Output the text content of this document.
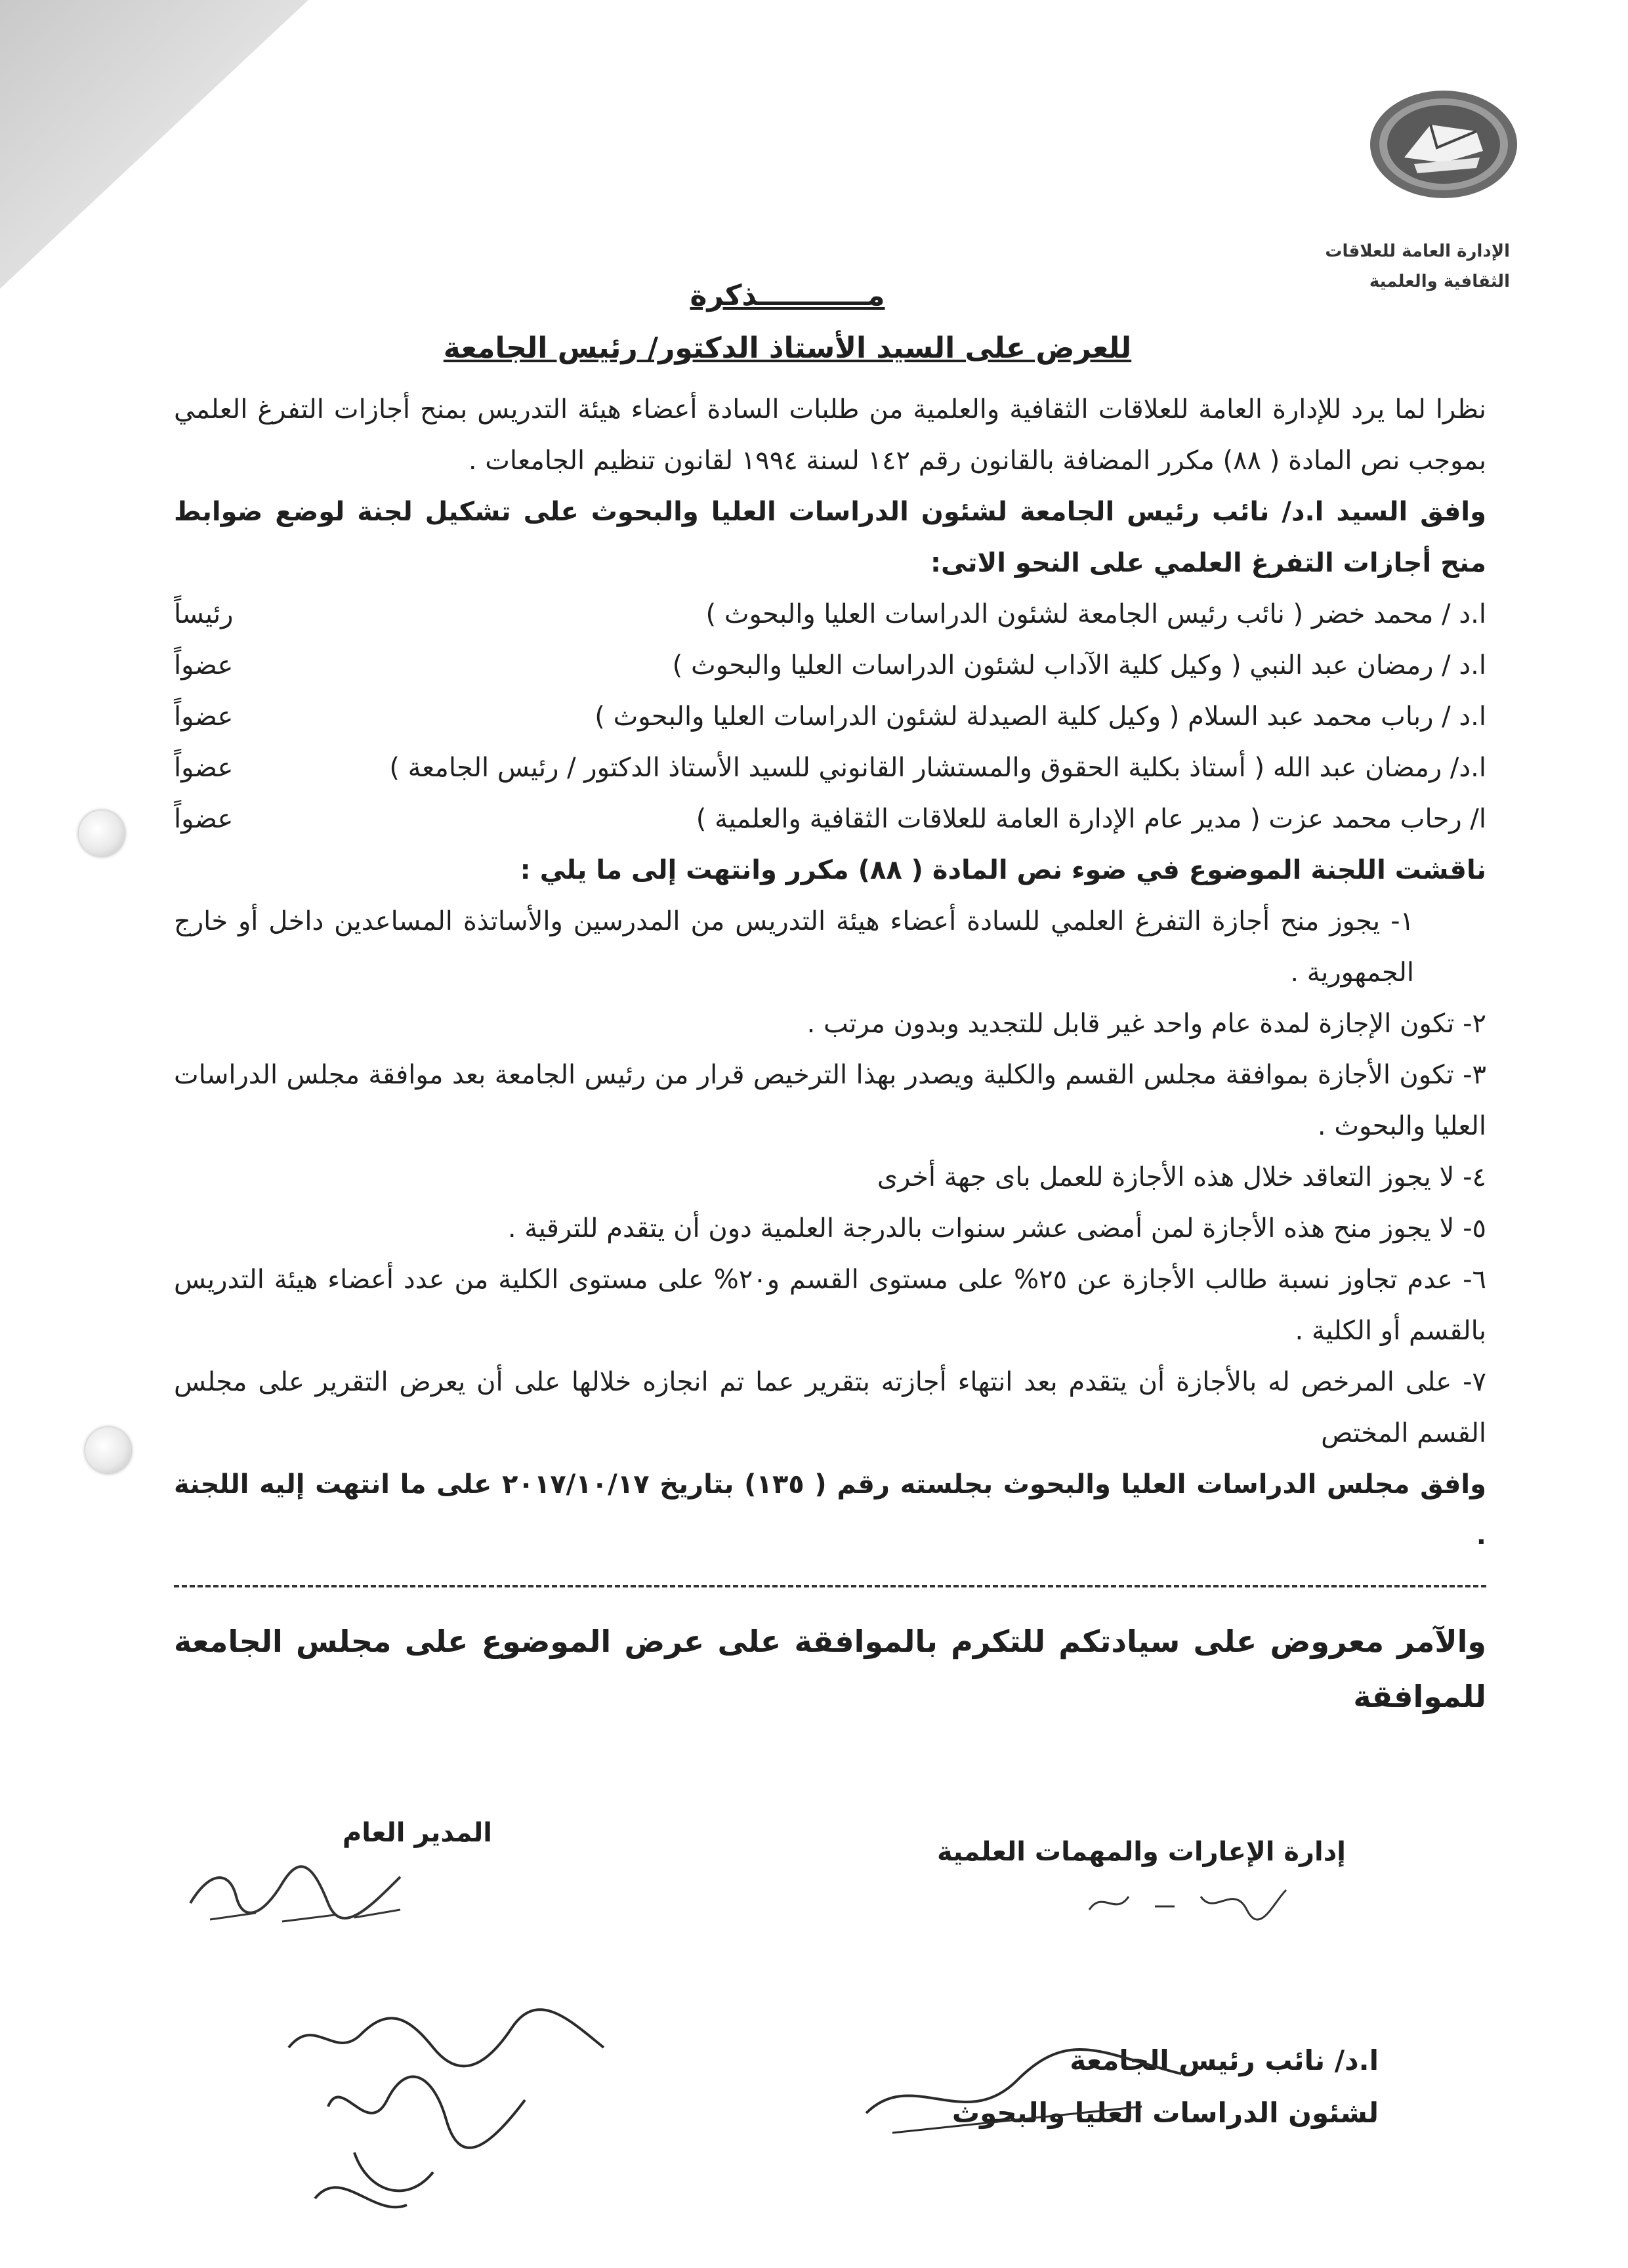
الإدارة العامة للعلاقات
الثقافية والعلمية
مـــــــــــذكرة
للعرض على السيد الأستاذ الدكتور/ رئيس الجامعة

نظرا لما يرد للإدارة العامة للعلاقات الثقافية والعلمية من طلبات السادة أعضاء هيئة التدريس بمنح أجازات التفرغ العلمي بموجب نص المادة ( ٨٨) مكرر المضافة بالقانون رقم ١٤٢ لسنة ١٩٩٤ لقانون تنظيم الجامعات .

وافق السيد ا.د/ نائب رئيس الجامعة لشئون الدراسات العليا والبحوث على تشكيل لجنة لوضع ضوابط منح أجازات التفرغ العلمي على النحو الاتى:

ا.د / محمد خضر ( نائب رئيس الجامعة لشئون الدراسات العليا والبحوث )
رئيساً
ا.د / رمضان عبد النبي ( وكيل كلية الآداب لشئون الدراسات العليا والبحوث )
عضواً
ا.د / رباب محمد عبد السلام ( وكيل كلية الصيدلة لشئون الدراسات العليا والبحوث )
عضواً
ا.د/ رمضان عبد الله ( أستاذ بكلية الحقوق والمستشار القانوني للسيد الأستاذ الدكتور / رئيس الجامعة )
عضواً
ا/ رحاب محمد عزت ( مدير عام الإدارة العامة للعلاقات الثقافية والعلمية )
عضواً

ناقشت اللجنة الموضوع في ضوء نص المادة ( ٨٨) مكرر وانتهت إلى ما يلي :

١- يجوز منح أجازة التفرغ العلمي للسادة أعضاء هيئة التدريس من المدرسين والأساتذة المساعدين داخل أو خارج الجمهورية .

٢- تكون الإجازة لمدة عام واحد غير قابل للتجديد وبدون مرتب .

٣- تكون الأجازة بموافقة مجلس القسم والكلية ويصدر بهذا الترخيص قرار من رئيس الجامعة بعد موافقة مجلس الدراسات العليا والبحوث .

٤- لا يجوز التعاقد خلال هذه الأجازة للعمل باى جهة أخرى

٥- لا يجوز منح هذه الأجازة لمن أمضى عشر سنوات بالدرجة العلمية دون أن يتقدم للترقية .

٦- عدم تجاوز نسبة طالب الأجازة عن ٢٥% على مستوى القسم و٢٠% على مستوى الكلية من عدد أعضاء هيئة التدريس بالقسم أو الكلية .

٧- على المرخص له بالأجازة أن يتقدم بعد انتهاء أجازته بتقرير عما تم انجازه خلالها على أن يعرض التقرير على مجلس القسم المختص

وافق مجلس الدراسات العليا والبحوث بجلسته رقم ( ١٣٥) بتاريخ ٢٠١٧/١٠/١٧ على ما انتهت إليه اللجنة .

والآمر معروض على سيادتكم للتكرم بالموافقة على عرض الموضوع على مجلس الجامعة للموافقة

المدير العام
إدارة الإعارات والمهمات العلمية
ا.د/ نائب رئيس الجامعة
لشئون الدراسات العليا والبحوث
